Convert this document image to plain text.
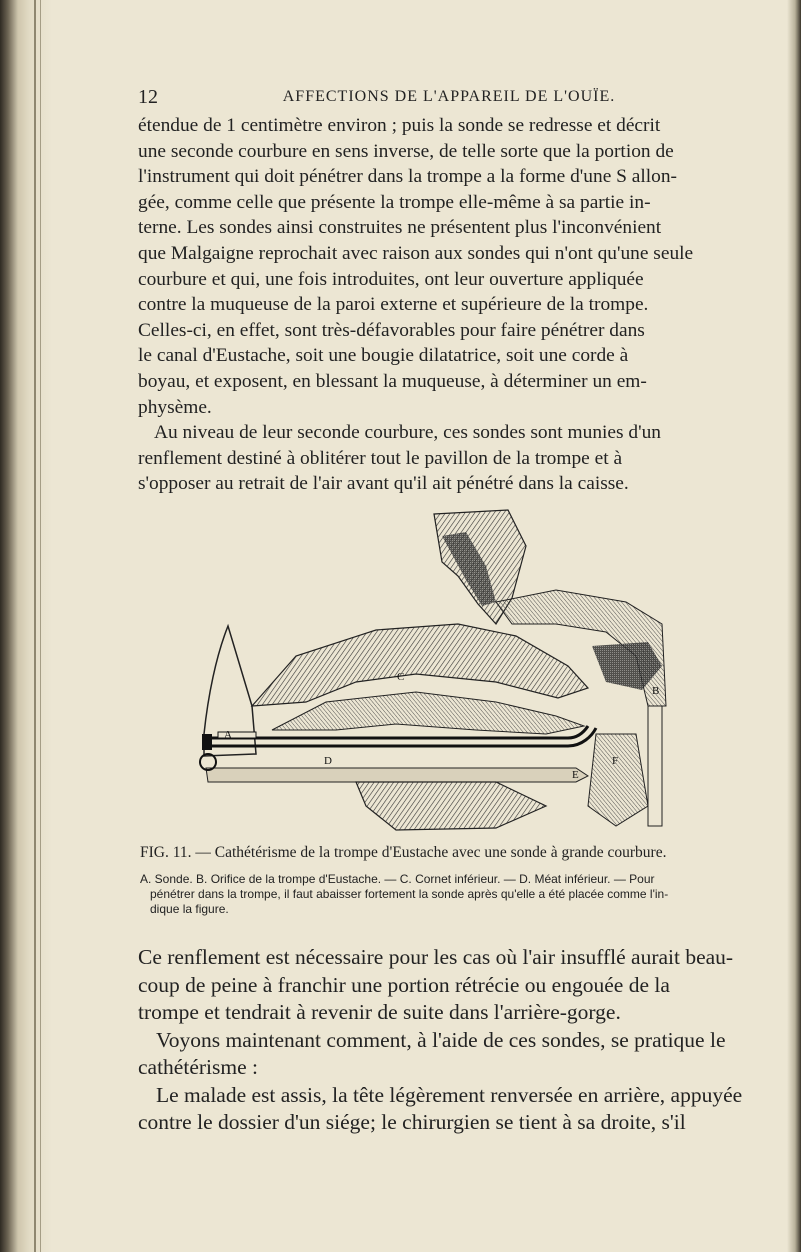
12	AFFECTIONS DE L'APPAREIL DE L'OUÏE.

étendue de 1 centimètre environ ; puis la sonde se redresse et décrit
une seconde courbure en sens inverse, de telle sorte que la portion de
l'instrument qui doit pénétrer dans la trompe a la forme d'une S allon-
gée, comme celle que présente la trompe elle-même à sa partie in-
terne. Les sondes ainsi construites ne présentent plus l'inconvénient
que Malgaigne reprochait avec raison aux sondes qui n'ont qu'une seule
courbure et qui, une fois introduites, ont leur ouverture appliquée
contre la muqueuse de la paroi externe et supérieure de la trompe.
Celles-ci, en effet, sont très-défavorables pour faire pénétrer dans
le canal d'Eustache, soit une bougie dilatatrice, soit une corde à
boyau, et exposent, en blessant la muqueuse, à déterminer un em-
physème.

Au niveau de leur seconde courbure, ces sondes sont munies d'un
renflement destiné à oblitérer tout le pavillon de la trompe et à
s'opposer au retrait de l'air avant qu'il ait pénétré dans la caisse.

A
B
C
D
E
F
FIG. 11. — Cathétérisme de la trompe d'Eustache avec une sonde à grande courbure.

A. Sonde. B. Orifice de la trompe d'Eustache. — C. Cornet inférieur. — D. Méat inférieur. — Pour

pénétrer dans la trompe, il faut abaisser fortement la sonde après qu'elle a été placée comme l'in-

dique la figure.

Ce renflement est nécessaire pour les cas où l'air insufflé aurait beau-
coup de peine à franchir une portion rétrécie ou engouée de la
trompe et tendrait à revenir de suite dans l'arrière-gorge.

Voyons maintenant comment, à l'aide de ces sondes, se pratique le
cathétérisme :

Le malade est assis, la tête légèrement renversée en arrière, appuyée
contre le dossier d'un siége; le chirurgien se tient à sa droite, s'il
